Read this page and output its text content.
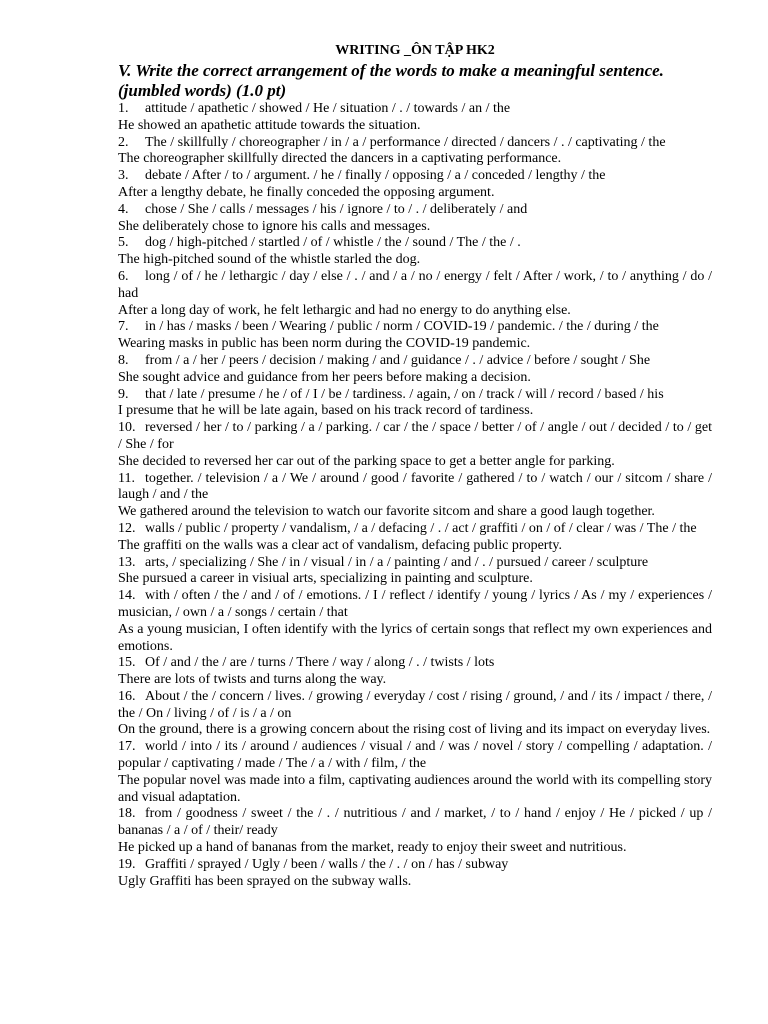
WRITING _ÔN TẬP HK2
V. Write the correct arrangement of the words to make a meaningful sentence. (jumbled words) (1.0 pt)
1. attitude / apathetic / showed / He / situation / . / towards / an / the
He showed an apathetic attitude towards the situation.
2. The / skillfully / choreographer / in / a / performance / directed / dancers / . / captivating / the
The choreographer skillfully directed the dancers in a captivating performance.
3. debate / After / to / argument. / he / finally / opposing / a / conceded / lengthy / the
After a lengthy debate, he finally conceded the opposing argument.
4. chose / She / calls / messages / his / ignore / to / . / deliberately / and
She deliberately chose to ignore his calls and messages.
5. dog / high-pitched / startled / of / whistle / the / sound / The / the / .
The high-pitched sound of the whistle starled the dog.
6. long / of / he / lethargic / day / else / . / and / a / no / energy / felt / After / work, / to / anything / do / had
After a long day of work, he felt lethargic and had no energy to do anything else.
7. in / has / masks / been / Wearing / public / norm / COVID-19 / pandemic. / the / during / the
Wearing masks in public has been norm during the COVID-19 pandemic.
8. from / a / her / peers / decision / making / and / guidance / . / advice / before / sought / She
She sought advice and guidance from her peers before making a decision.
9. that / late / presume / he / of / I / be / tardiness. / again, / on / track / will / record / based / his
I presume that he will be late again, based on his track record of tardiness.
10. reversed / her / to / parking / a / parking. / car / the / space / better / of / angle / out / decided / to / get / She / for
She decided to reversed her car out of the parking space to get a better angle for parking.
11. together. / television / a / We / around / good / favorite / gathered / to / watch / our / sitcom / share / laugh / and / the
We gathered around the television to watch our favorite sitcom and share a good laugh together.
12. walls / public / property / vandalism, / a / defacing / . / act / graffiti / on / of / clear / was / The / the
The graffiti on the walls was a clear act of vandalism, defacing public property.
13. arts, / specializing / She / in / visual / in / a / painting / and / . / pursued / career / sculpture
She pursued a career in visiual arts, specializing in painting and sculpture.
14. with / often / the / and / of / emotions. / I / reflect / identify / young / lyrics / As / my / experiences / musician, / own / a / songs / certain / that
As a young musician, I often identify with the lyrics of certain songs that reflect my own experiences and emotions.
15. Of / and / the / are / turns / There / way / along / . / twists / lots
There are lots of twists and turns along the way.
16. About / the / concern / lives. / growing / everyday / cost / rising / ground, / and / its / impact / there, / the / On / living / of / is / a / on
On the ground, there is a growing concern about the rising cost of living and its impact on everyday lives.
17. world / into / its / around / audiences / visual / and / was / novel / story / compelling / adaptation. / popular / captivating / made / The / a / with / film, / the
The popular novel was made into a film, captivating audiences around the world with its compelling story and visual adaptation.
18. from / goodness / sweet / the / . / nutritious / and / market, / to / hand / enjoy / He / picked / up / bananas / a / of / their/ ready
He picked up a hand of bananas from the market, ready to enjoy their sweet and nutritious.
19. Graffiti / sprayed / Ugly / been / walls / the / . / on / has / subway
Ugly Graffiti has been sprayed on the subway walls.
